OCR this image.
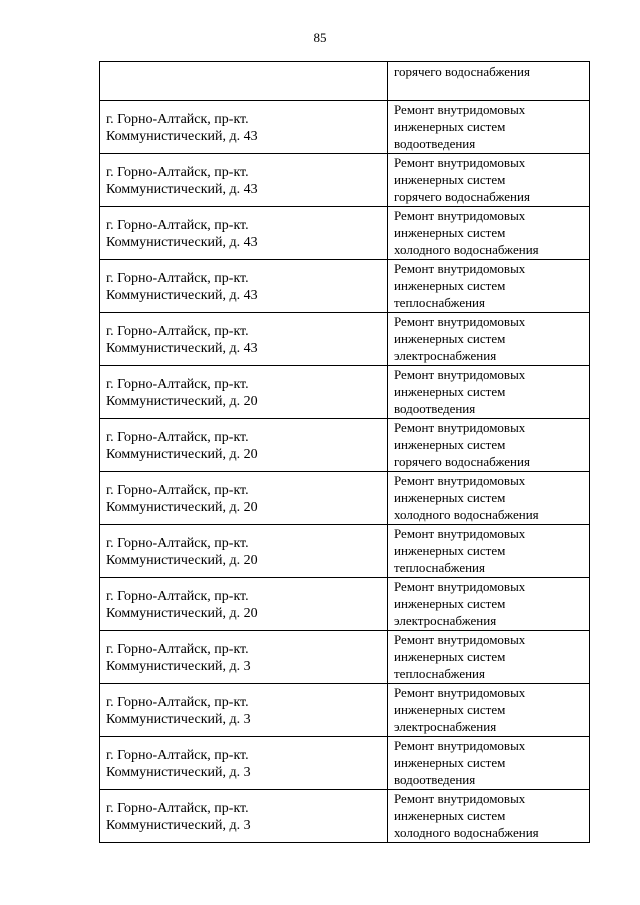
85

	горячего водоснабжения

г. Горно-Алтайск, пр-кт.
Коммунистический, д. 43	Ремонт внутридомовых
инженерных систем
водоотведения

г. Горно-Алтайск, пр-кт.
Коммунистический, д. 43	Ремонт внутридомовых
инженерных систем
горячего водоснабжения

г. Горно-Алтайск, пр-кт.
Коммунистический, д. 43	Ремонт внутридомовых
инженерных систем
холодного водоснабжения

г. Горно-Алтайск, пр-кт.
Коммунистический, д. 43	Ремонт внутридомовых
инженерных систем
теплоснабжения

г. Горно-Алтайск, пр-кт.
Коммунистический, д. 43	Ремонт внутридомовых
инженерных систем
электроснабжения

г. Горно-Алтайск, пр-кт.
Коммунистический, д. 20	Ремонт внутридомовых
инженерных систем
водоотведения

г. Горно-Алтайск, пр-кт.
Коммунистический, д. 20	Ремонт внутридомовых
инженерных систем
горячего водоснабжения

г. Горно-Алтайск, пр-кт.
Коммунистический, д. 20	Ремонт внутридомовых
инженерных систем
холодного водоснабжения

г. Горно-Алтайск, пр-кт.
Коммунистический, д. 20	Ремонт внутридомовых
инженерных систем
теплоснабжения

г. Горно-Алтайск, пр-кт.
Коммунистический, д. 20	Ремонт внутридомовых
инженерных систем
электроснабжения

г. Горно-Алтайск, пр-кт.
Коммунистический, д. 3	Ремонт внутридомовых
инженерных систем
теплоснабжения

г. Горно-Алтайск, пр-кт.
Коммунистический, д. 3	Ремонт внутридомовых
инженерных систем
электроснабжения

г. Горно-Алтайск, пр-кт.
Коммунистический, д. 3	Ремонт внутридомовых
инженерных систем
водоотведения

г. Горно-Алтайск, пр-кт.
Коммунистический, д. 3	Ремонт внутридомовых
инженерных систем
холодного водоснабжения
